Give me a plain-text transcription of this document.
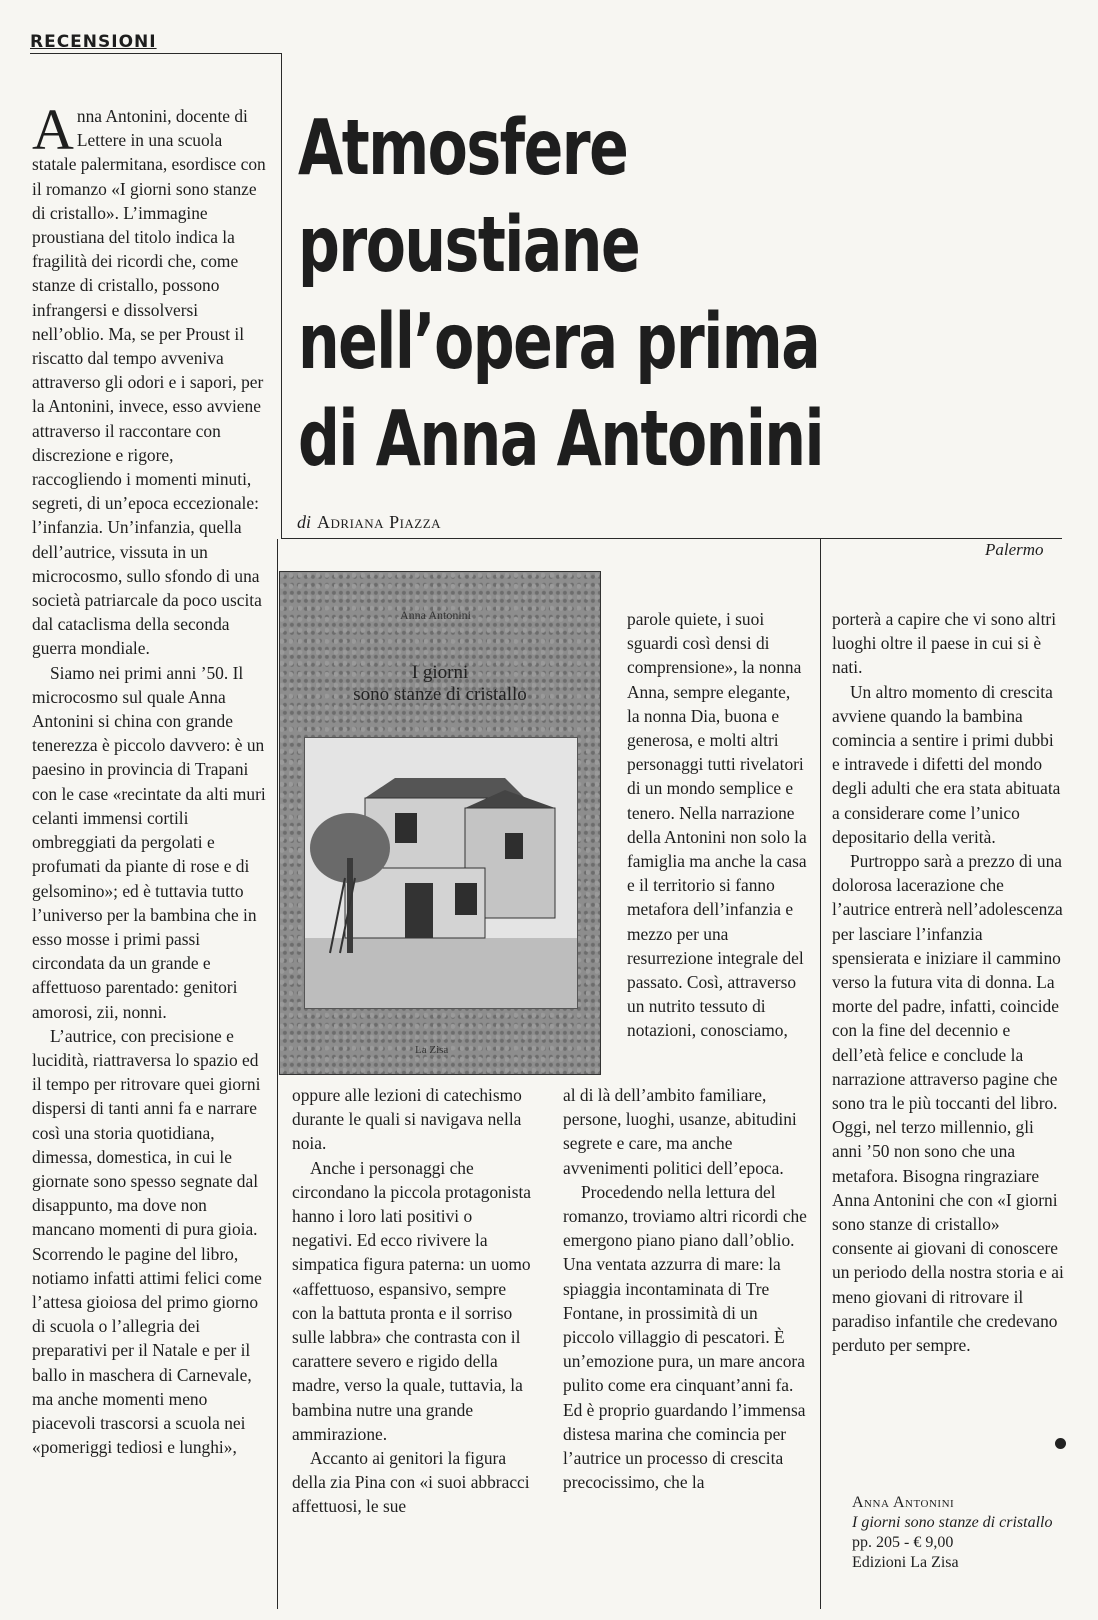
RECENSIONI
Atmosfere
proustiane
nell’opera prima
di Anna Antonini
di Adriana Piazza
Palermo

Anna Antonini, docente di Lettere in una scuola statale palermitana, esordisce con il romanzo «I giorni sono stanze di cristallo». L’immagine proustiana del titolo indica la fragilità dei ricordi che, come stanze di cristallo, possono infrangersi e dissolversi nell’oblio. Ma, se per Proust il riscatto dal tempo avveniva attraverso gli odori e i sapori, per la Antonini, invece, esso avviene attraverso il raccontare con discrezione e rigore, raccogliendo i momenti minuti, segreti, di un’epoca eccezionale: l’infanzia. Un’infanzia, quella dell’autrice, vissuta in un microcosmo, sullo sfondo di una società patriarcale da poco uscita dal cataclisma della seconda guerra mondiale.

Siamo nei primi anni ’50. Il microcosmo sul quale Anna Antonini si china con grande tenerezza è piccolo davvero: è un paesino in provincia di Trapani con le case «recintate da alti muri celanti immensi cortili ombreggiati da pergolati e profumati da piante di rose e di gelsomino»; ed è tuttavia tutto l’universo per la bambina che in esso mosse i primi passi circondata da un grande e affettuoso parentado: genitori amorosi, zii, nonni.

L’autrice, con precisione e lucidità, riattraversa lo spazio ed il tempo per ritrovare quei giorni dispersi di tanti anni fa e narrare così una storia quotidiana, dimessa, domestica, in cui le giornate sono spesso segnate dal disappunto, ma dove non mancano momenti di pura gioia. Scorrendo le pagine del libro, notiamo infatti attimi felici come l’attesa gioiosa del primo giorno di scuola o l’allegria dei preparativi per il Natale e per il ballo in maschera di Carnevale, ma anche momenti meno piacevoli trascorsi a scuola nei «pomeriggi tediosi e lunghi»,

Anna Antonini
I giorni
sono stanze di cristallo
La Zisa

oppure alle lezioni di catechismo durante le quali si navigava nella noia.

Anche i personaggi che circondano la piccola protagonista hanno i loro lati positivi o negativi. Ed ecco rivivere la simpatica figura paterna: un uomo «affettuoso, espansivo, sempre con la battuta pronta e il sorriso sulle labbra» che contrasta con il carattere severo e rigido della madre, verso la quale, tuttavia, la bambina nutre una grande ammirazione.

Accanto ai genitori la figura della zia Pina con «i suoi abbracci affettuosi, le sue

parole quiete, i suoi sguardi così densi di comprensione», la nonna Anna, sempre elegante, la nonna Dia, buona e generosa, e molti altri personaggi tutti rivelatori di un mondo semplice e tenero. Nella narrazione della Antonini non solo la famiglia ma anche la casa e il territorio si fanno metafora dell’infanzia e mezzo per una resurrezione integrale del passato. Così, attraverso un nutrito tessuto di notazioni, conosciamo,

al di là dell’ambito familiare, persone, luoghi, usanze, abitudini segrete e care, ma anche avvenimenti politici dell’epoca.

Procedendo nella lettura del romanzo, troviamo altri ricordi che emergono piano piano dall’oblio. Una ventata azzurra di mare: la spiaggia incontaminata di Tre Fontane, in prossimità di un piccolo villaggio di pescatori. È un’emozione pura, un mare ancora pulito come era cinquant’anni fa. Ed è proprio guardando l’immensa distesa marina che comincia per l’autrice un processo di crescita precocissimo, che la

porterà a capire che vi sono altri luoghi oltre il paese in cui si è nati.

Un altro momento di crescita avviene quando la bambina comincia a sentire i primi dubbi e intravede i difetti del mondo degli adulti che era stata abituata a considerare come l’unico depositario della verità.

Purtroppo sarà a prezzo di una dolorosa lacerazione che l’autrice entrerà nell’adolescenza per lasciare l’infanzia spensierata e iniziare il cammino verso la futura vita di donna. La morte del padre, infatti, coincide con la fine del decennio e dell’età felice e conclude la narrazione attraverso pagine che sono tra le più toccanti del libro. Oggi, nel terzo millennio, gli anni ’50 non sono che una metafora. Bisogna ringraziare Anna Antonini che con «I giorni sono stanze di cristallo» consente ai giovani di conoscere un periodo della nostra storia e ai meno giovani di ritrovare il paradiso infantile che credevano perduto per sempre.

Anna Antonini
I giorni sono stanze di cristallo
pp. 205 - € 9,00
Edizioni La Zisa
